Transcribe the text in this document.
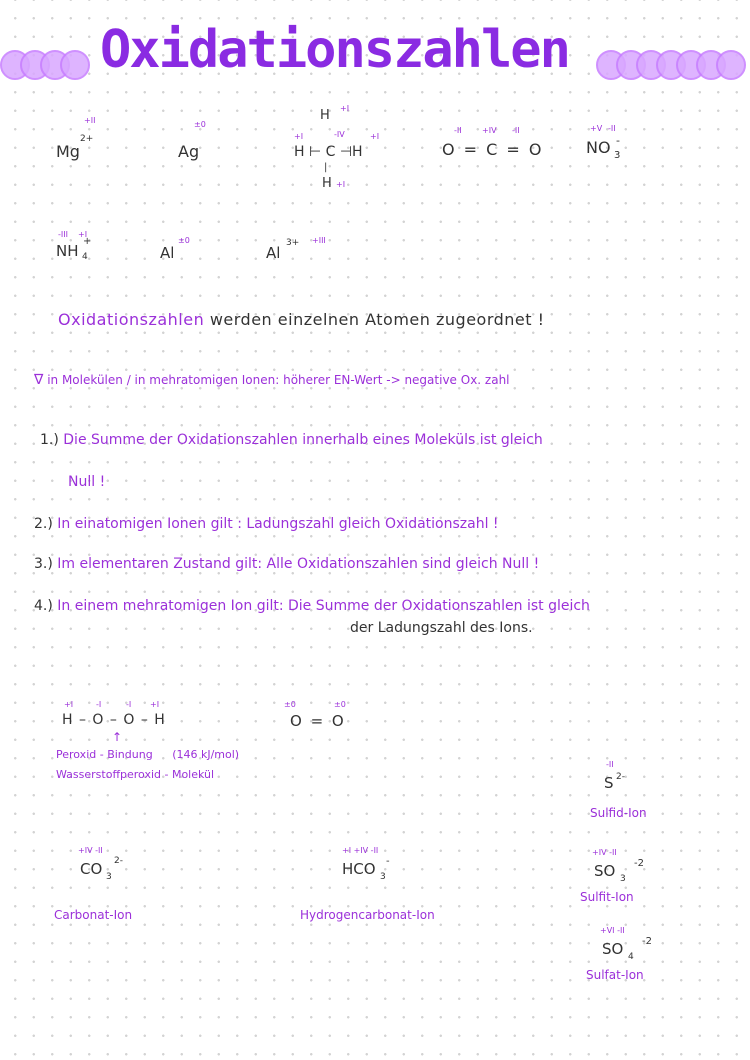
Oxidationszahlen
+II
Mg
2+
±0
Ag
H +I
+I	-IV	+I
H ⊢ C ⊣H
|
H +I
-II	+IV -II
O = C = O
+V -II
NO 3
-
-III +I
NH 4
+	±0
Al
+III
Al
3+
Oxidationszahlen werden einzelnen Atomen zugeordnet !
∇ in Molekülen / in mehratomigen Ionen: höherer EN-Wert -> negative Ox. zahl
1.) Die Summe der Oxidationszahlen innerhalb eines Moleküls ist gleich
Null !
2.) In einatomigen Ionen gilt : Ladungszahl gleich Oxidationszahl !
3.) Im elementaren Zustand gilt: Alle Oxidationszahlen sind gleich Null !
4.) In einem mehratomigen Ion gilt: Die Summe der Oxidationszahlen ist gleich
der Ladungszahl des Ions.
+I	-I	-I +I
H – O – O – H
↑
Peroxid - Bindung (146 kJ/mol)
Wasserstoffperoxid - Molekül
±0	±0
O = O
-II
S 2-
Sulfid-Ion
+IV -II
CO 3
2-
Carbonat-Ion
+I +IV -II
HCO 3
-
Hydrogencarbonat-Ion
+IV -II
SO 3
-2
Sulfit-Ion
+VI -II
SO 4
-2
Sulfat-Ion
